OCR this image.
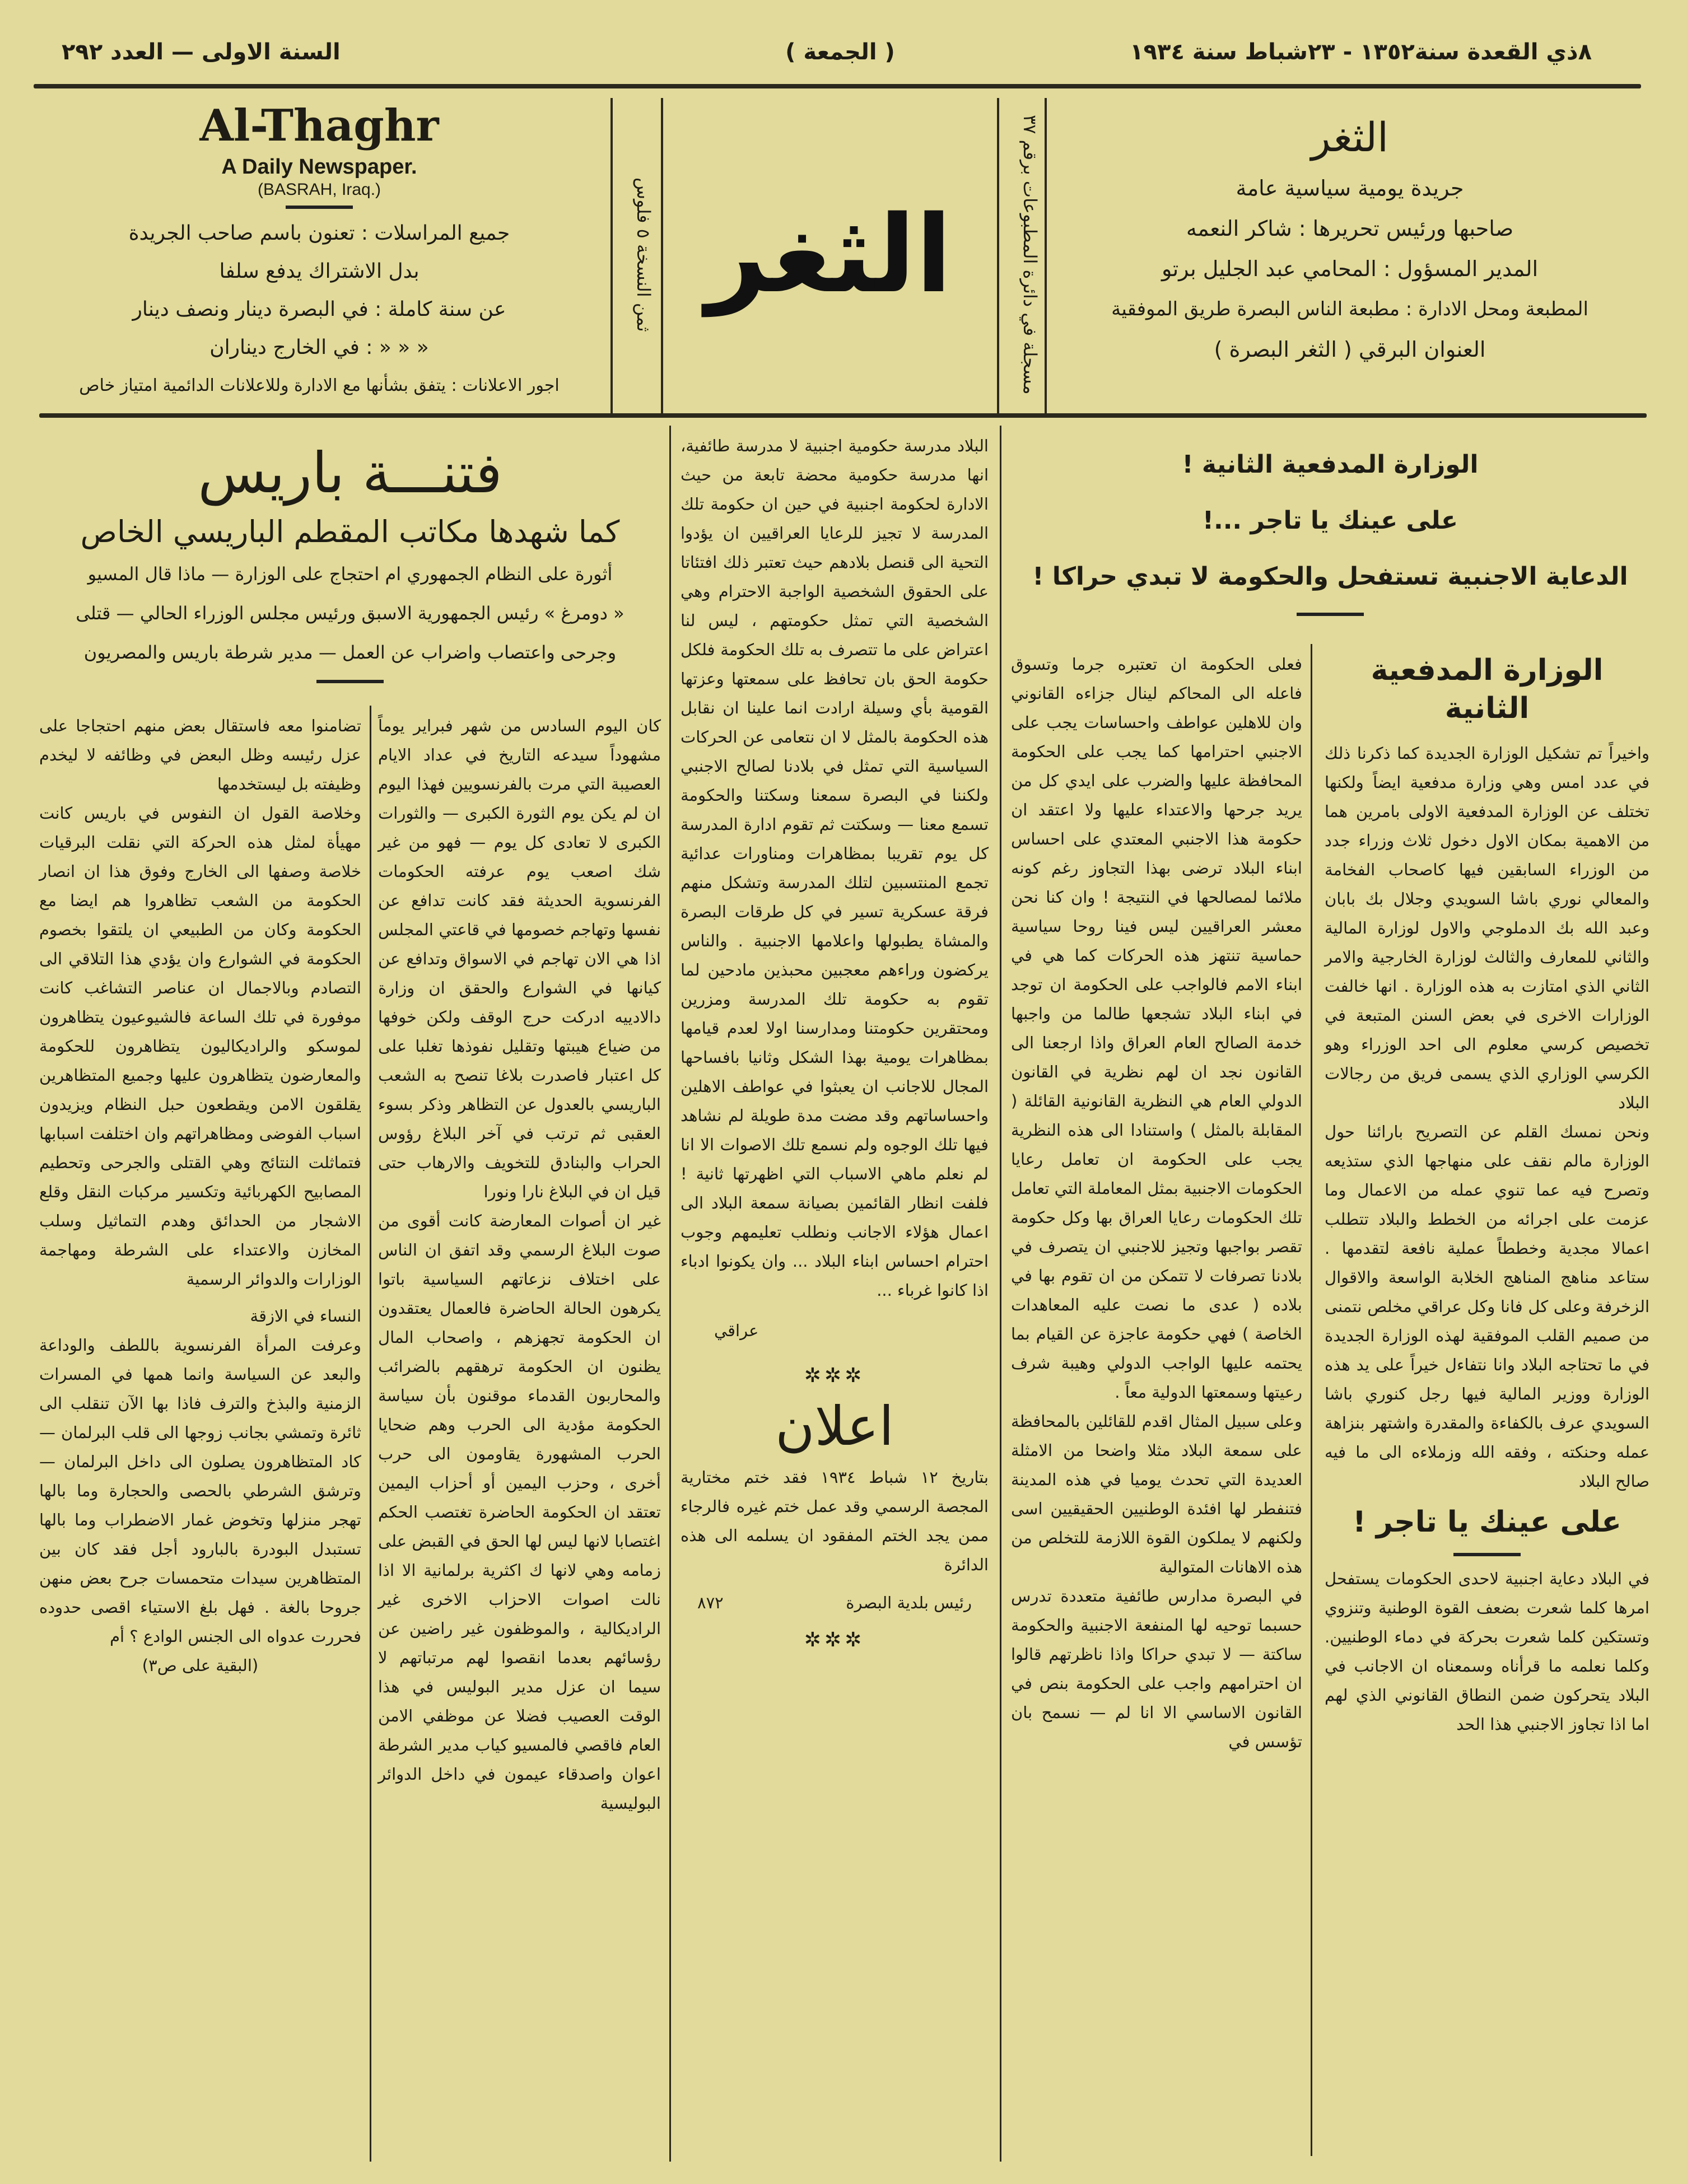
٨ذي القعدة سنة١٣٥٢ - ٢٣شباط سنة ١٩٣٤
( الجمعة )
السنة الاولى — العدد ٢٩٢

الثغر

جريدة يومية سياسية عامة

صاحبها ورئيس تحريرها : شاكر النعمه

المدير المسؤول : المحامي عبد الجليل برتو

المطبعة ومحل الادارة : مطبعة الناس البصرة طريق الموفقية

العنوان البرقي ( الثغر البصرة )

مسجلة في دائرة المطبوعات برقم ٣٧
الثغر
ثمن النسخة ٥ فلوس

Al-Thaghr

A Daily Newspaper.

(BASRAH, Iraq.)

جميع المراسلات : تعنون باسم صاحب الجريدة

بدل الاشتراك يدفع سلفا

عن سنة كاملة : في البصرة دينار ونصف دينار

« « « : في الخارج ديناران

اجور الاعلانات : يتفق بشأنها مع الادارة وللاعلانات الدائمية امتياز خاص

الوزارة المدفعية الثانية !
على عينك يا تاجر ...!
الدعاية الاجنبية تستفحل والحكومة لا تبدي حراكا !
الوزارة المدفعية الثانية

واخيراً تم تشكيل الوزارة الجديدة كما ذكرنا ذلك في عدد امس وهي وزارة مدفعية ايضاً ولكنها تختلف عن الوزارة المدفعية الاولى بامرين هما من الاهمية بمكان الاول دخول ثلاث وزراء جدد من الوزراء السابقين فيها كاصحاب الفخامة والمعالي نوري باشا السويدي وجلال بك بابان وعبد الله بك الدملوجي والاول لوزارة المالية والثاني للمعارف والثالث لوزارة الخارجية والامر الثاني الذي امتازت به هذه الوزارة . انها خالفت الوزارات الاخرى في بعض السنن المتبعة في تخصيص كرسي معلوم الى احد الوزراء وهو الكرسي الوزاري الذي يسمى فريق من رجالات البلاد

ونحن نمسك القلم عن التصريح بارائنا حول الوزارة مالم نقف على منهاجها الذي ستذيعه وتصرح فيه عما تنوي عمله من الاعمال وما عزمت على اجرائه من الخطط والبلاد تتطلب اعمالا مجدية وخططاً عملية نافعة لتقدمها . ستاعد مناهج المناهج الخلابة الواسعة والاقوال الزخرفة وعلى كل فانا وكل عراقي مخلص نتمنى من صميم القلب الموفقية لهذه الوزارة الجديدة في ما تحتاجه البلاد وانا نتفاءل خيراً على يد هذه الوزارة ووزير المالية فيها رجل كنوري باشا السويدي عرف بالكفاءة والمقدرة واشتهر بنزاهة عمله وحنكته ، وفقه الله وزملاءه الى ما فيه صالح البلاد

على عينك يا تاجر !

في البلاد دعاية اجنبية لاحدى الحكومات يستفحل امرها كلما شعرت بضعف القوة الوطنية وتنزوي وتستكين كلما شعرت بحركة في دماء الوطنيين. وكلما نعلمه ما قرأناه وسمعناه ان الاجانب في البلاد يتحركون ضمن النطاق القانوني الذي لهم اما اذا تجاوز الاجنبي هذا الحد

فعلى الحكومة ان تعتبره جرما وتسوق فاعله الى المحاكم لينال جزاءه القانوني وان للاهلين عواطف واحساسات يجب على الاجنبي احترامها كما يجب على الحكومة المحافظة عليها والضرب على ايدي كل من يريد جرحها والاعتداء عليها ولا اعتقد ان حكومة هذا الاجنبي المعتدي على احساس ابناء البلاد ترضى بهذا التجاوز رغم كونه ملائما لمصالحها في النتيجة ! وان كنا نحن معشر العراقيين ليس فينا روحا سياسية حماسية تنتهز هذه الحركات كما هي في ابناء الامم فالواجب على الحكومة ان توجد في ابناء البلاد تشجعها طالما من واجبها خدمة الصالح العام العراق واذا ارجعنا الى القانون نجد ان لهم نظرية في القانون الدولي العام هي النظرية القانونية القائلة ( المقابلة بالمثل ) واستنادا الى هذه النظرية يجب على الحكومة ان تعامل رعايا الحكومات الاجنبية بمثل المعاملة التي تعامل تلك الحكومات رعايا العراق بها وكل حكومة تقصر بواجبها وتجيز للاجنبي ان يتصرف في بلادنا تصرفات لا تتمكن من ان تقوم بها في بلاده ( عدى ما نصت عليه المعاهدات الخاصة ) فهي حكومة عاجزة عن القيام بما يحتمه عليها الواجب الدولي وهيبة شرف رعيتها وسمعتها الدولية معاً .

وعلى سبيل المثال اقدم للقائلين بالمحافظة على سمعة البلاد مثلا واضحا من الامثلة العديدة التي تحدث يوميا في هذه المدينة فتنفطر لها افئدة الوطنيين الحقيقيين اسى ولكنهم لا يملكون القوة اللازمة للتخلص من هذه الاهانات المتوالية

في البصرة مدارس طائفية متعددة تدرس حسبما توحيه لها المنفعة الاجنبية والحكومة ساكتة — لا تبدي حراكا واذا ناظرتهم قالوا ان احترامهم واجب على الحكومة بنص في القانون الاساسي الا انا لم — نسمح بان تؤسس في

البلاد مدرسة حكومية اجنبية لا مدرسة طائفية، انها مدرسة حكومية محضة تابعة من حيث الادارة لحكومة اجنبية في حين ان حكومة تلك المدرسة لا تجيز للرعايا العراقيين ان يؤدوا التحية الى قنصل بلادهم حيث تعتبر ذلك افتئاتا على الحقوق الشخصية الواجبة الاحترام وهي الشخصية التي تمثل حكومتهم ، ليس لنا اعتراض على ما تتصرف به تلك الحكومة فلكل حكومة الحق بان تحافظ على سمعتها وعزتها القومية بأي وسيلة ارادت انما علينا ان نقابل هذه الحكومة بالمثل لا ان نتعامى عن الحركات السياسية التي تمثل في بلادنا لصالح الاجنبي ولكننا في البصرة سمعنا وسكتنا والحكومة تسمع معنا — وسكتت ثم تقوم ادارة المدرسة كل يوم تقريبا بمظاهرات ومناورات عدائية تجمع المنتسبين لتلك المدرسة وتشكل منهم فرقة عسكرية تسير في كل طرقات البصرة والمشاة يطبولها واعلامها الاجنبية . والناس يركضون وراءهم معجبين محبذين مادحين لما تقوم به حكومة تلك المدرسة ومزرين ومحتقرين حكومتنا ومدارسنا اولا لعدم قيامها بمظاهرات يومية بهذا الشكل وثانيا بافساحها المجال للاجانب ان يعبثوا في عواطف الاهلين واحساساتهم وقد مضت مدة طويلة لم نشاهد فيها تلك الوجوه ولم نسمع تلك الاصوات الا انا لم نعلم ماهي الاسباب التي اظهرتها ثانية ! فلفت انظار القائمين بصيانة سمعة البلاد الى اعمال هؤلاء الاجانب ونطلب تعليمهم وجوب احترام احساس ابناء البلاد ... وان يكونوا ادباء اذا كانوا غرباء ...

عراقي

✲✲✲
اعلان

بتاريخ ١٢ شباط ١٩٣٤ فقد ختم مختارية المجصة الرسمي وقد عمل ختم غيره فالرجاء ممن يجد الختم المفقود ان يسلمه الى هذه الدائرة

رئيس بلدية البصرة
٨٧٢
✲✲✲
فتنـــة باريس
كما شهدها مكاتب المقطم الباريسي الخاص
أثورة على النظام الجمهوري ام احتجاج على الوزارة — ماذا قال المسيو
« دومرغ » رئيس الجمهورية الاسبق ورئيس مجلس الوزراء الحالي — قتلى
وجرحى واعتصاب واضراب عن العمل — مدير شرطة باريس والمصريون

كان اليوم السادس من شهر فبراير يوماً مشهوداً سيدعه التاريخ في عداد الايام العصيبة التي مرت بالفرنسويين فهذا اليوم ان لم يكن يوم الثورة الكبرى — والثورات الكبرى لا تعادى كل يوم — فهو من غير شك اصعب يوم عرفته الحكومات الفرنسوية الحديثة فقد كانت تدافع عن نفسها وتهاجم خصومها في قاعتي المجلس اذا هي الان تهاجم في الاسواق وتدافع عن كيانها في الشوارع والحقق ان وزارة دالادييه ادركت حرج الوقف ولكن خوفها من ضياع هيبتها وتقليل نفوذها تغلبا على كل اعتبار فاصدرت بلاغا تنصح به الشعب الباريسي بالعدول عن التظاهر وذكر بسوء العقبى ثم ترتب في آخر البلاغ رؤوس الحراب والبنادق للتخويف والارهاب حتى قيل ان في البلاغ نارا ونورا

غير ان أصوات المعارضة كانت أقوى من صوت البلاغ الرسمي وقد اتفق ان الناس على اختلاف نزعاتهم السياسية باتوا يكرهون الحالة الحاضرة فالعمال يعتقدون ان الحكومة تجهزهم ، واصحاب المال يظنون ان الحكومة ترهقهم بالضرائب والمحاربون القدماء موقنون بأن سياسة الحكومة مؤدية الى الحرب وهم ضحايا الحرب المشهورة يقاومون الى حرب أخرى ، وحزب اليمين أو أحزاب اليمين تعتقد ان الحكومة الحاضرة تغتصب الحكم اغتصابا لانها ليس لها الحق في القبض على زمامه وهي لانها ك اكثرية برلمانية الا اذا نالت اصوات الاحزاب الاخرى غير الراديكالية ، والموظفون غير راضين عن رؤسائهم بعدما انقصوا لهم مرتباتهم لا سيما ان عزل مدير البوليس في هذا الوقت العصيب فضلا عن موظفي الامن العام فاقصي فالمسيو كياب مدير الشرطة اعوان واصدقاء عيمون في داخل الدوائر البوليسية

تضامنوا معه فاستقال بعض منهم احتجاجا على عزل رئيسه وظل البعض في وظائفه لا ليخدم وظيفته بل ليستخدمها

وخلاصة القول ان النفوس في باريس كانت مهيأة لمثل هذه الحركة التي نقلت البرقيات خلاصة وصفها الى الخارج وفوق هذا ان انصار الحكومة من الشعب تظاهروا هم ايضا مع الحكومة وكان من الطبيعي ان يلتقوا بخصوم الحكومة في الشوارع وان يؤدي هذا التلاقي الى التصادم وبالاجمال ان عناصر التشاغب كانت موفورة في تلك الساعة فالشيوعيون يتظاهرون لموسكو والراديكاليون يتظاهرون للحكومة والمعارضون يتظاهرون عليها وجميع المتظاهرين يقلقون الامن ويقطعون حبل النظام ويزيدون اسباب الفوضى ومظاهراتهم وان اختلفت اسبابها فتماثلت النتائج وهي القتلى والجرحى وتحطيم المصابيح الكهربائية وتكسير مركبات النقل وقلع الاشجار من الحدائق وهدم التماثيل وسلب المخازن والاعتداء على الشرطة ومهاجمة الوزارات والدوائر الرسمية

النساء في الازقة

وعرفت المرأة الفرنسوية باللطف والوداعة والبعد عن السياسة وانما همها في المسرات الزمنية والبذخ والترف فاذا بها الآن تنقلب الى ثائرة وتمشي بجانب زوجها الى قلب البرلمان — كاد المتظاهرون يصلون الى داخل البرلمان — وترشق الشرطي بالحصى والحجارة وما بالها تهجر منزلها وتخوض غمار الاضطراب وما بالها تستبدل البودرة بالبارود أجل فقد كان بين المتظاهرين سيدات متحمسات جرح بعض منهن جروحا بالغة . فهل بلغ الاستياء اقصى حدوده فحررت عدواه الى الجنس الوادع ؟ أم

(البقية على ص٣)
